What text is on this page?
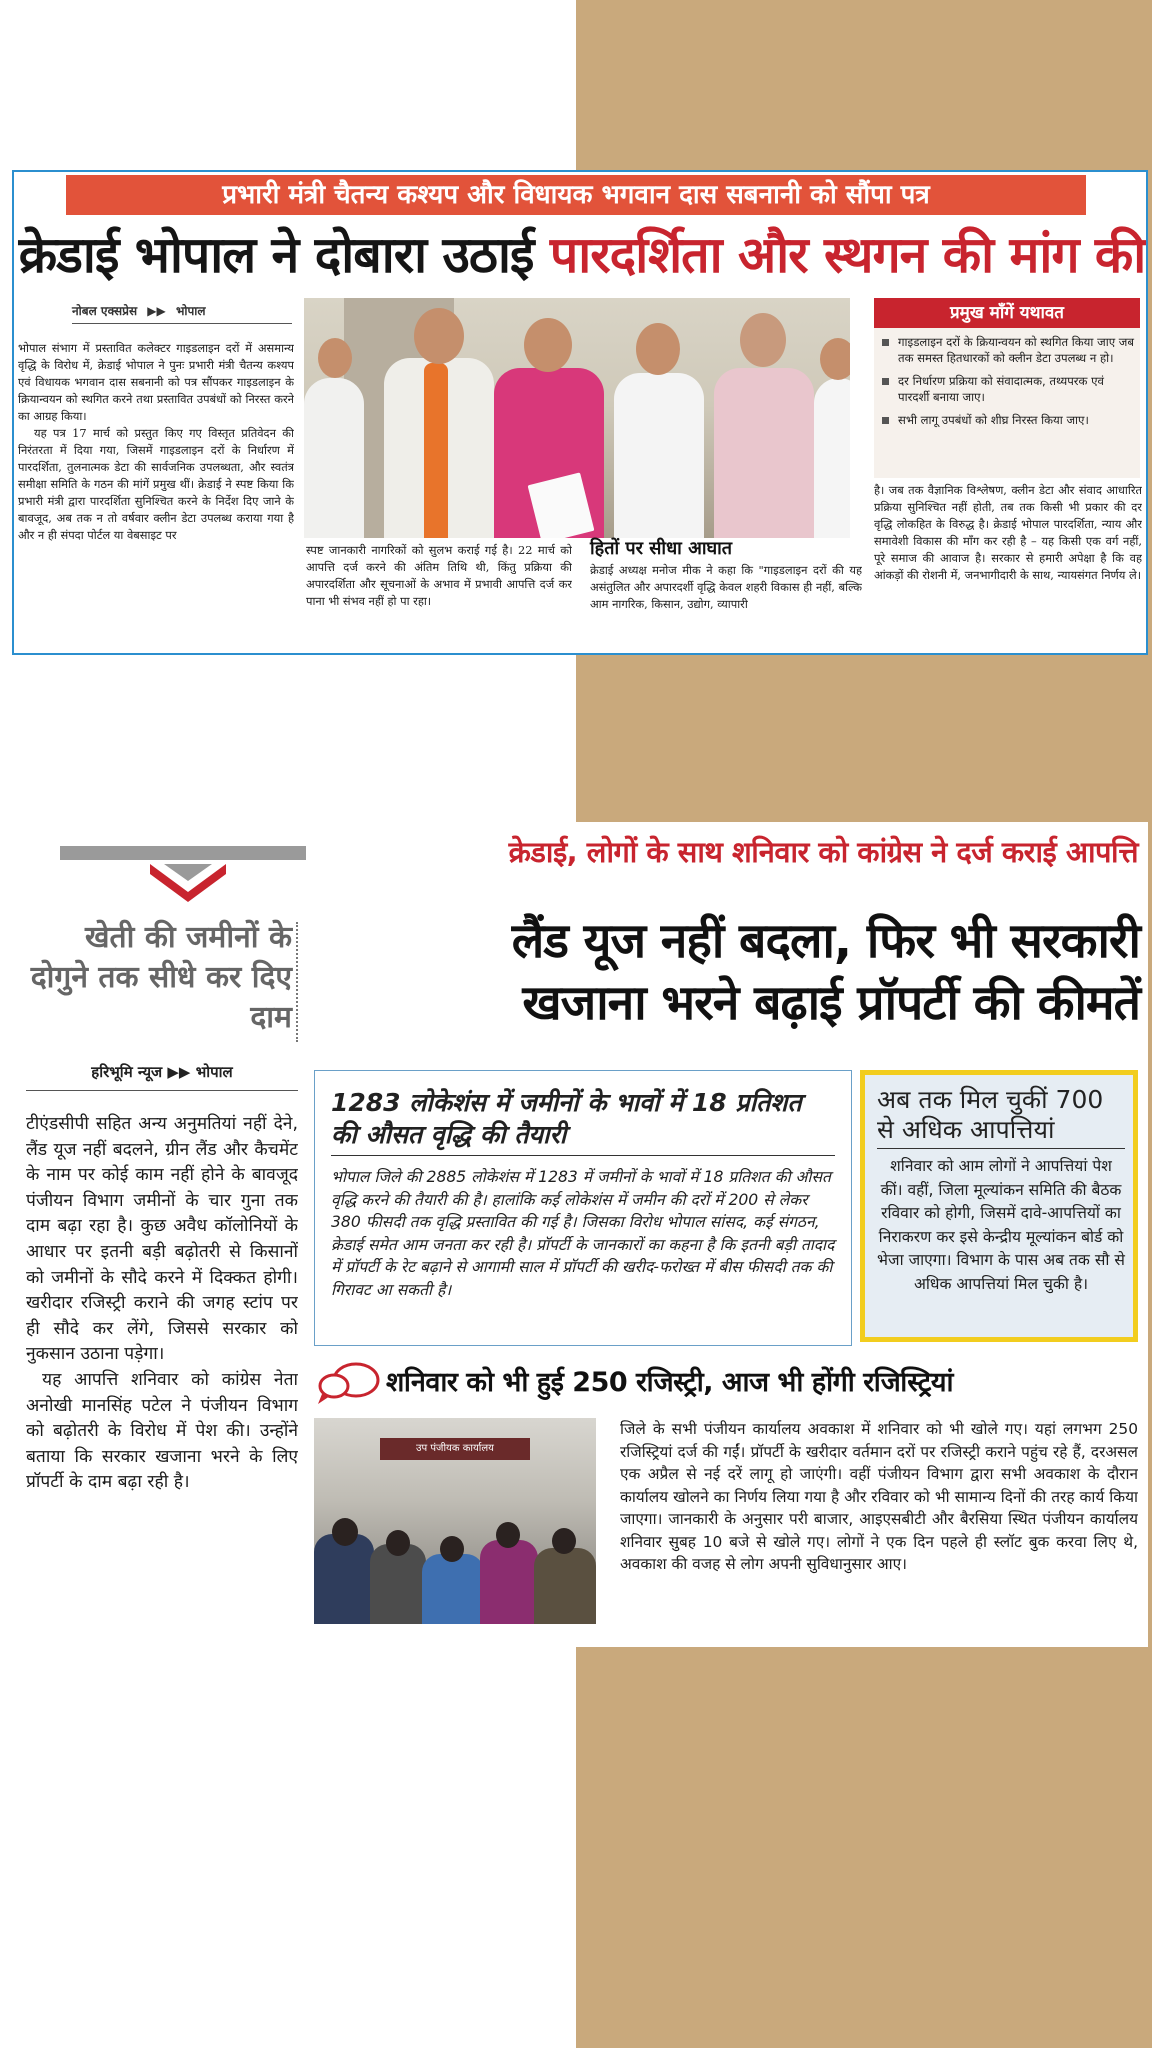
प्रभारी मंत्री चैतन्य कश्यप और विधायक भगवान दास सबनानी को सौंपा पत्र
क्रेडाई भोपाल ने दोबारा उठाई पारदर्शिता और स्थगन की मांग की
नोबल एक्सप्रेस ▶▶ भोपाल

भोपाल संभाग में प्रस्तावित कलेक्टर गाइडलाइन दरों में असमान्य वृद्धि के विरोध में, क्रेडाई भोपाल ने पुनः प्रभारी मंत्री चैतन्य कश्यप एवं विधायक भगवान दास सबनानी को पत्र सौंपकर गाइडलाइन के क्रियान्वयन को स्थगित करने तथा प्रस्तावित उपबंधों को निरस्त करने का आग्रह किया।

यह पत्र 17 मार्च को प्रस्तुत किए गए विस्तृत प्रतिवेदन की निरंतरता में दिया गया, जिसमें गाइडलाइन दरों के निर्धारण में पारदर्शिता, तुलनात्मक डेटा की सार्वजनिक उपलब्धता, और स्वतंत्र समीक्षा समिति के गठन की मांगें प्रमुख थीं। क्रेडाई ने स्पष्ट किया कि प्रभारी मंत्री द्वारा पारदर्शिता सुनिश्चित करने के निर्देश दिए जाने के बावजूद, अब तक न तो वर्षवार क्लीन डेटा उपलब्ध कराया गया है और न ही संपदा पोर्टल या वेबसाइट पर

स्पष्ट जानकारी नागरिकों को सुलभ कराई गई है। 22 मार्च को आपत्ति दर्ज करने की अंतिम तिथि थी, किंतु प्रक्रिया की अपारदर्शिता और सूचनाओं के अभाव में प्रभावी आपत्ति दर्ज कर पाना भी संभव नहीं हो पा रहा।
हितों पर सीधा आघात
क्रेडाई अध्यक्ष मनोज मीक ने कहा कि "गाइडलाइन दरों की यह असंतुलित और अपारदर्शी वृद्धि केवल शहरी विकास ही नहीं, बल्कि आम नागरिक, किसान, उद्योग, व्यापारी
प्रमुख माँगें यथावत
गाइडलाइन दरों के क्रियान्वयन को स्थगित किया जाए जब तक समस्त हितधारकों को क्लीन डेटा उपलब्ध न हो।
दर निर्धारण प्रक्रिया को संवादात्मक, तथ्यपरक एवं पारदर्शी बनाया जाए।
सभी लागू उपबंधों को शीघ्र निरस्त किया जाए।
है। जब तक वैज्ञानिक विश्लेषण, क्लीन डेटा और संवाद आधारित प्रक्रिया सुनिश्चित नहीं होती, तब तक किसी भी प्रकार की दर वृद्धि लोकहित के विरुद्ध है। क्रेडाई भोपाल पारदर्शिता, न्याय और समावेशी विकास की माँग कर रही है – यह किसी एक वर्ग नहीं, पूरे समाज की आवाज है। सरकार से हमारी अपेक्षा है कि वह आंकड़ों की रोशनी में, जनभागीदारी के साथ, न्यायसंगत निर्णय ले।
क्रेडाई, लोगों के साथ शनिवार को कांग्रेस ने दर्ज कराई आपत्ति
लैंड यूज नहीं बदला, फिर भी सरकारी
खजाना भरने बढ़ाई प्रॉपर्टी की कीमतें
खेती की जमीनों के दोगुने तक सीधे कर दिए दाम
हरिभूमि न्यूज ▶▶ भोपाल

टीएंडसीपी सहित अन्य अनुमतियां नहीं देने, लैंड यूज नहीं बदलने, ग्रीन लैंड और कैचमेंट के नाम पर कोई काम नहीं होने के बावजूद पंजीयन विभाग जमीनों के चार गुना तक दाम बढ़ा रहा है। कुछ अवैध कॉलोनियों के आधार पर इतनी बड़ी बढ़ोतरी से किसानों को जमीनों के सौदे करने में दिक्कत होगी। खरीदार रजिस्ट्री कराने की जगह स्टांप पर ही सौदे कर लेंगे, जिससे सरकार को नुकसान उठाना पड़ेगा।

यह आपत्ति शनिवार को कांग्रेस नेता अनोखी मानसिंह पटेल ने पंजीयन विभाग को बढ़ोतरी के विरोध में पेश की। उन्होंने बताया कि सरकार खजाना भरने के लिए प्रॉपर्टी के दाम बढ़ा रही है।

1283 लोकेशंस में जमीनों के भावों में 18 प्रतिशत की औसत वृद्धि की तैयारी
भोपाल जिले की 2885 लोकेशंस में 1283 में जमीनों के भावों में 18 प्रतिशत की औसत वृद्धि करने की तैयारी की है। हालांकि कई लोकेशंस में जमीन की दरों में 200 से लेकर 380 फीसदी तक वृद्धि प्रस्तावित की गई है। जिसका विरोध भोपाल सांसद, कई संगठन, क्रेडाई समेत आम जनता कर रही है। प्रॉपर्टी के जानकारों का कहना है कि इतनी बड़ी तादाद में प्रॉपर्टी के रेट बढ़ाने से आगामी साल में प्रॉपर्टी की खरीद-फरोख्त में बीस फीसदी तक की गिरावट आ सकती है।
अब तक मिल चुकीं 700 से अधिक आपत्तियां
शनिवार को आम लोगों ने आपत्तियां पेश कीं। वहीं, जिला मूल्यांकन समिति की बैठक रविवार को होगी, जिसमें दावे-आपत्तियों का निराकरण कर इसे केन्द्रीय मूल्यांकन बोर्ड को भेजा जाएगा। विभाग के पास अब तक सौ से अधिक आपत्तियां मिल चुकी है।
शनिवार को भी हुई 250 रजिस्ट्री, आज भी होंगी रजिस्ट्रियां
उप पंजीयक कार्यालय
जिले के सभी पंजीयन कार्यालय अवकाश में शनिवार को भी खोले गए। यहां लगभग 250 रजिस्ट्रियां दर्ज की गईं। प्रॉपर्टी के खरीदार वर्तमान दरों पर रजिस्ट्री कराने पहुंच रहे हैं, दरअसल एक अप्रैल से नई दरें लागू हो जाएंगी। वहीं पंजीयन विभाग द्वारा सभी अवकाश के दौरान कार्यालय खोलने का निर्णय लिया गया है और रविवार को भी सामान्य दिनों की तरह कार्य किया जाएगा। जानकारी के अनुसार परी बाजार, आइएसबीटी और बैरसिया स्थित पंजीयन कार्यालय शनिवार सुबह 10 बजे से खोले गए। लोगों ने एक दिन पहले ही स्लॉट बुक करवा लिए थे, अवकाश की वजह से लोग अपनी सुविधानुसार आए।
